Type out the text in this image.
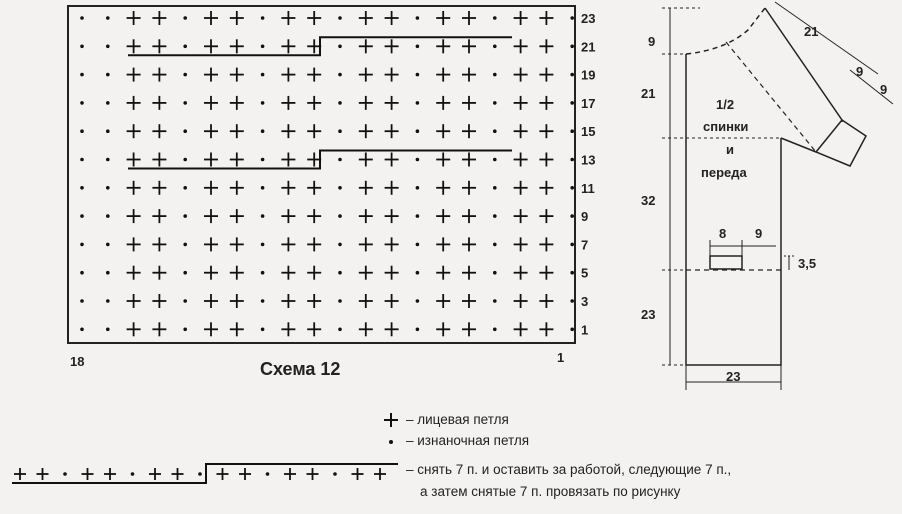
23
21
19
17
15
13
11
9
7
5
3
1
18	1
Схема 12
9
21
32
23
23
21
9
9
8 9
3,5
1/2
спинки
и
переда
– лицевая петля
– изнаночная петля
– снять 7 п. и оставить за работой, следующие 7 п.,
а затем снятые 7 п. провязать по рисунку
